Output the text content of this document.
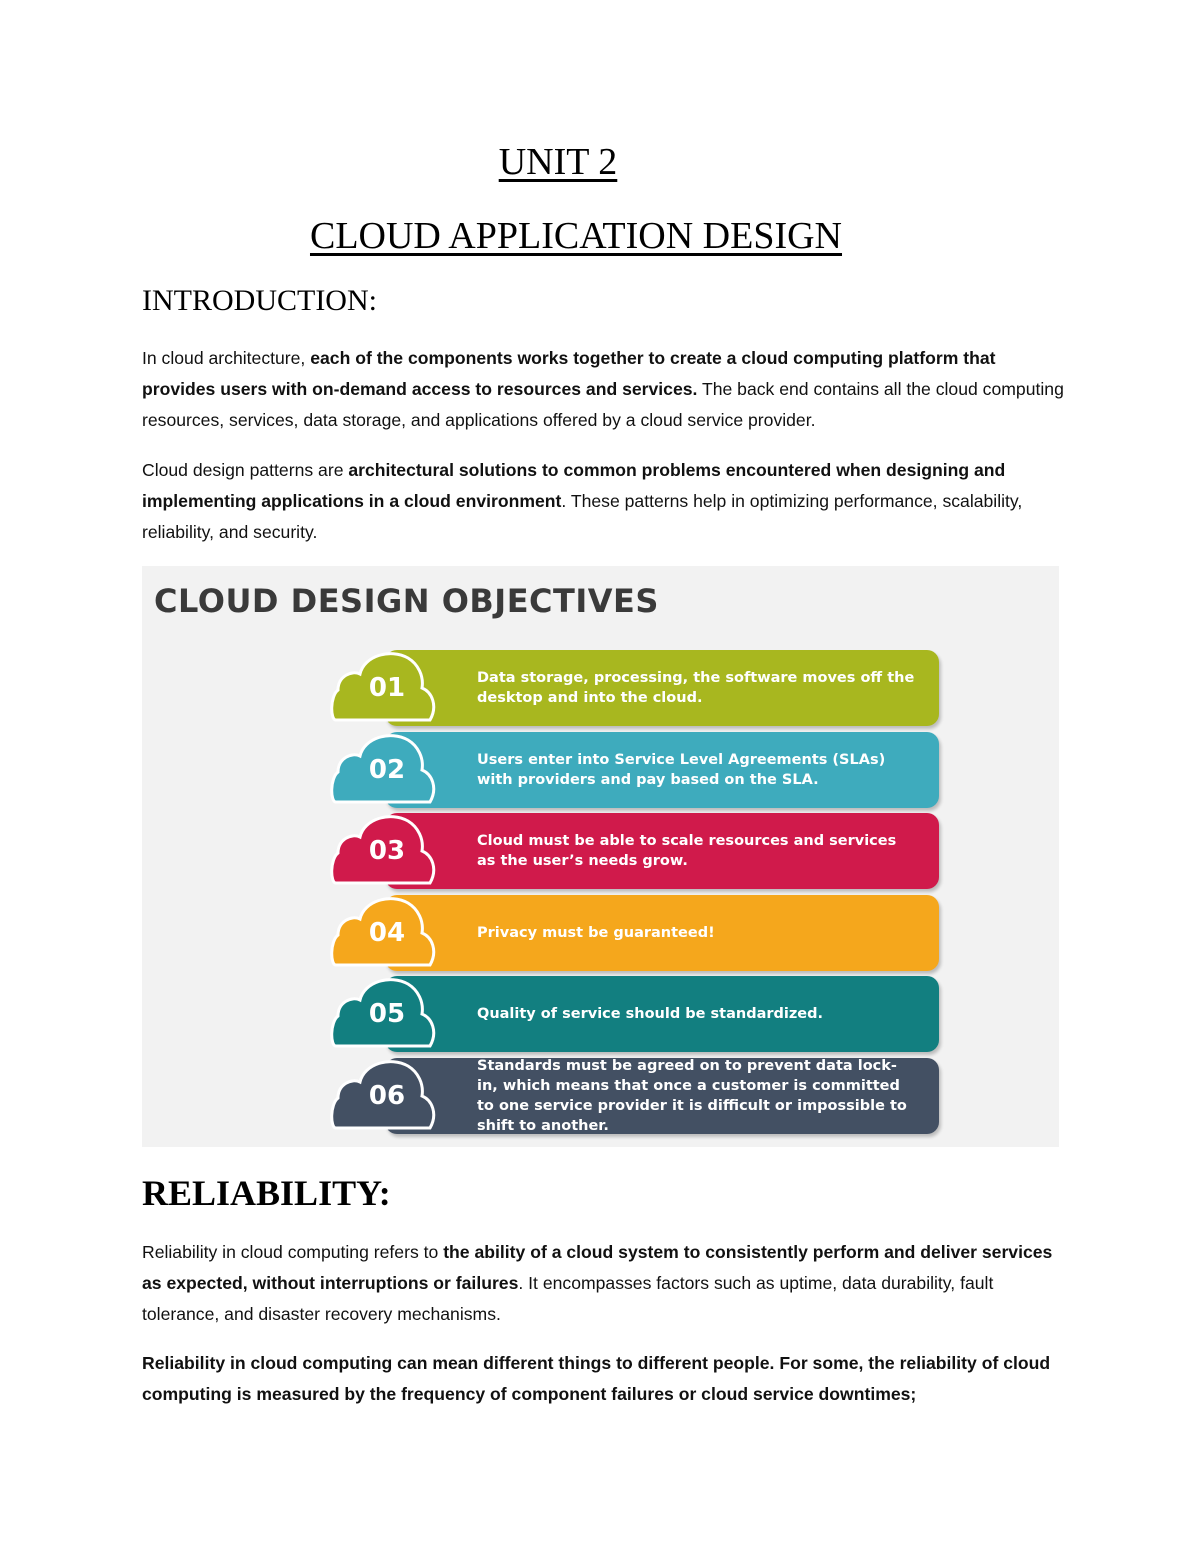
UNIT 2
CLOUD APPLICATION DESIGN
INTRODUCTION:

In cloud architecture, each of the components works together to create a cloud computing platform that provides users with on-demand access to resources and services. The back end contains all the cloud computing resources, services, data storage, and applications offered by a cloud service provider.

Cloud design patterns are architectural solutions to common problems encountered when designing and implementing applications in a cloud environment. These patterns help in optimizing performance, scalability, reliability, and security.

CLOUD DESIGN OBJECTIVES
01	Data storage, processing, the software moves off the desktop and into the cloud.
02	Users enter into Service Level Agreements (SLAs) with providers and pay based on the SLA.
03	Cloud must be able to scale resources and services as the user’s needs grow.
04	Privacy must be guaranteed!
05	Quality of service should be standardized.
06
Standards must be agreed on to prevent data lock-in, which means that once a customer is committed to one service provider it is difficult or impossible to shift to another.
RELIABILITY:

Reliability in cloud computing refers to the ability of a cloud system to consistently perform and deliver services as expected, without interruptions or failures. It encompasses factors such as uptime, data durability, fault tolerance, and disaster recovery mechanisms.

Reliability in cloud computing can mean different things to different people. For some, the reliability of cloud computing is measured by the frequency of component failures or cloud service downtimes;
